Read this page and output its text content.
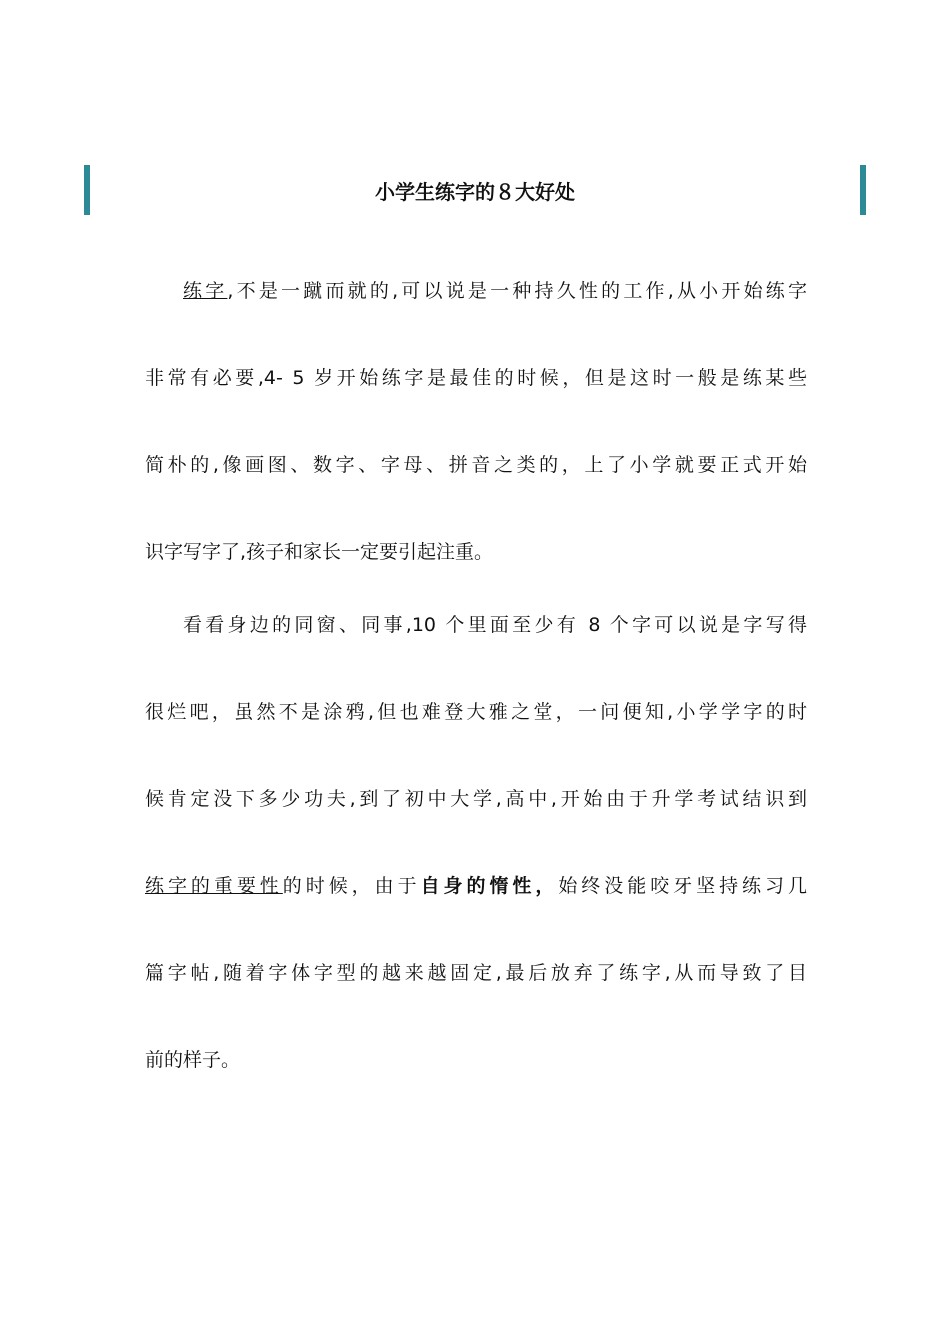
小学生练字的８大好处
练字,不是一蹴而就的,可以说是一种持久性的工作,从小开始练字
非常有必要,4- 5 岁开始练字是最佳的时候，但是这时一般是练某些
简朴的,像画图、数字、字母、拼音之类的，上了小学就要正式开始
识字写字了,孩子和家长一定要引起注重。
看看身边的同窗、同事,10 个里面至少有 8 个字可以说是字写得
很烂吧，虽然不是涂鸦,但也难登大雅之堂，一问便知,小学学字的时
候肯定没下多少功夫,到了初中大学,高中,开始由于升学考试结识到
练字的重要性的时候，由于自身的惰性，始终没能咬牙坚持练习几
篇字帖,随着字体字型的越来越固定,最后放弃了练字,从而导致了目
前的样子。
